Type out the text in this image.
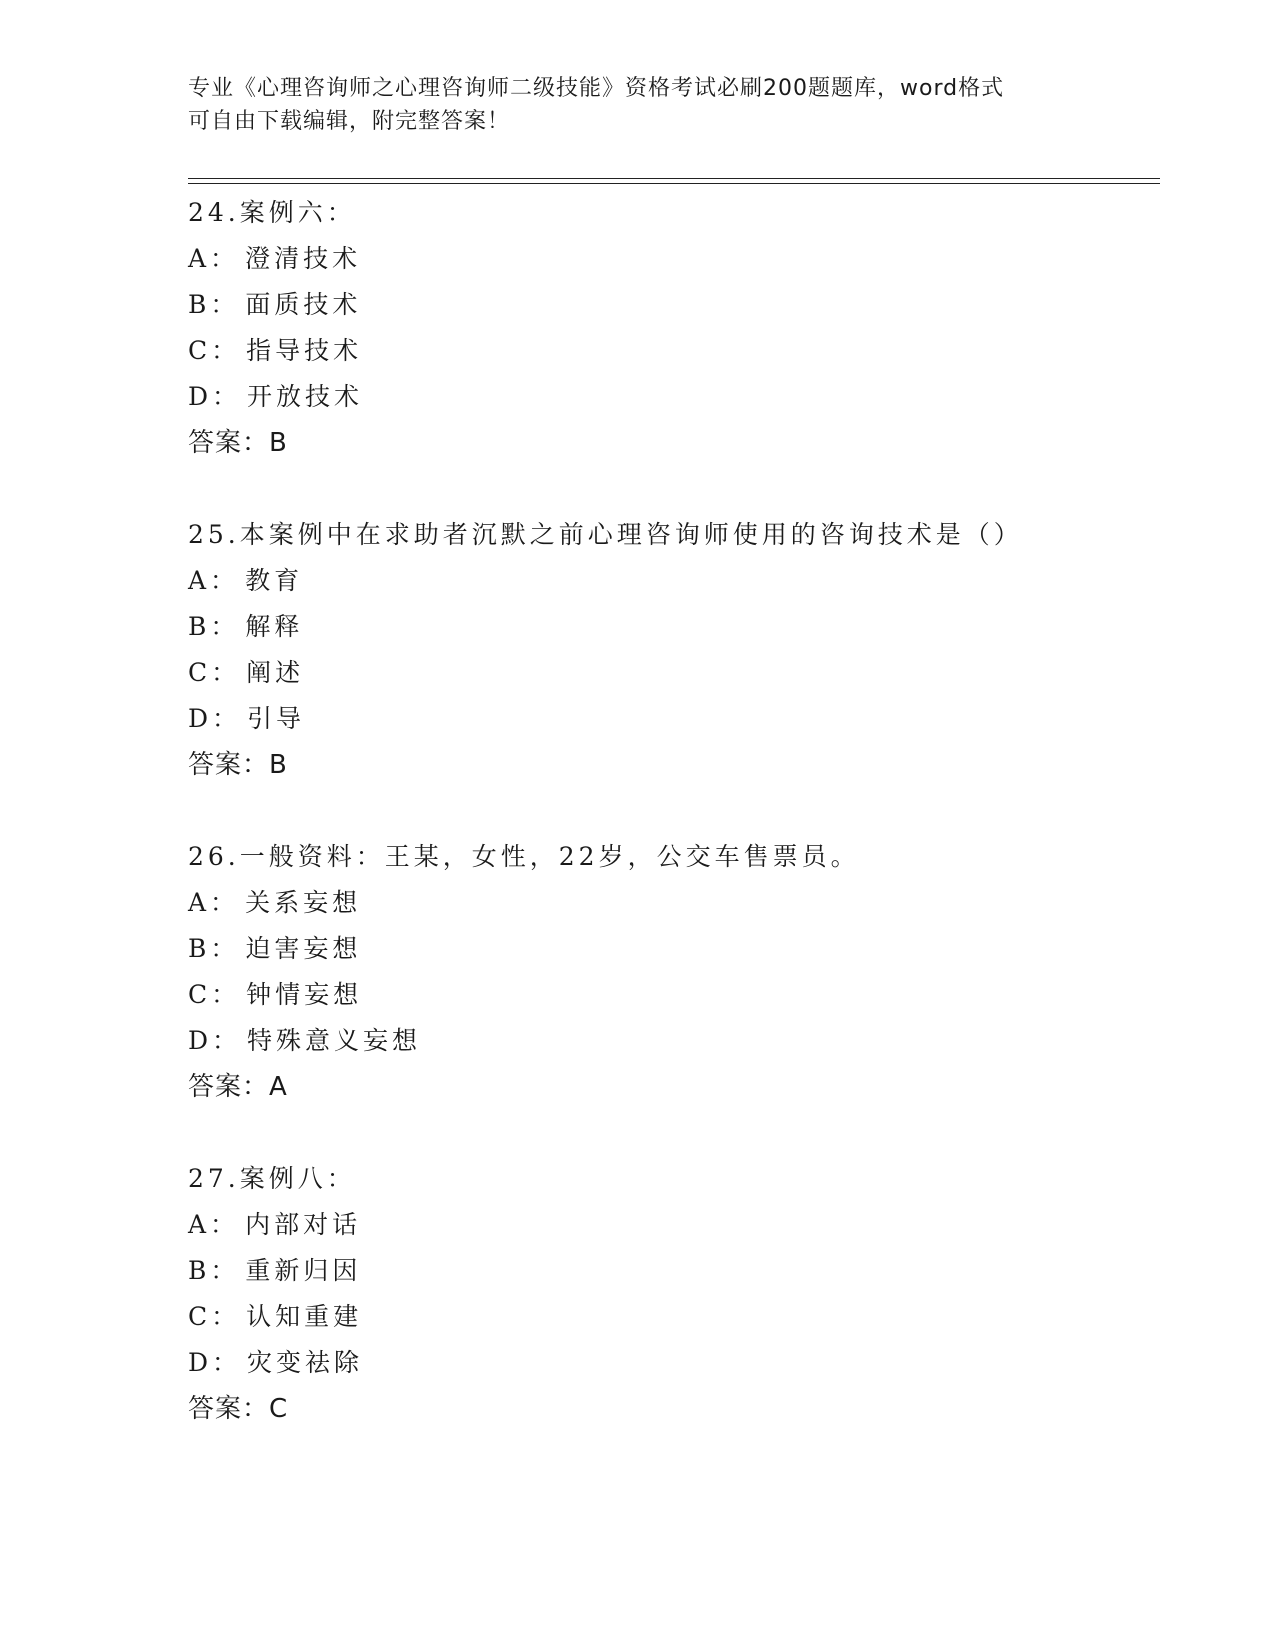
专业《心理咨询师之心理咨询师二级技能》资格考试必刷200题题库，word格式
可自由下载编辑，附完整答案！
24.案例六：
A： 澄清技术
B： 面质技术
C： 指导技术
D： 开放技术
答案：B
25.本案例中在求助者沉默之前心理咨询师使用的咨询技术是（）
A： 教育
B： 解释
C： 阐述
D： 引导
答案：B
26.一般资料：王某，女性，22岁，公交车售票员。
A： 关系妄想
B： 迫害妄想
C： 钟情妄想
D： 特殊意义妄想
答案：A
27.案例八：
A： 内部对话
B： 重新归因
C： 认知重建
D： 灾变祛除
答案：C
